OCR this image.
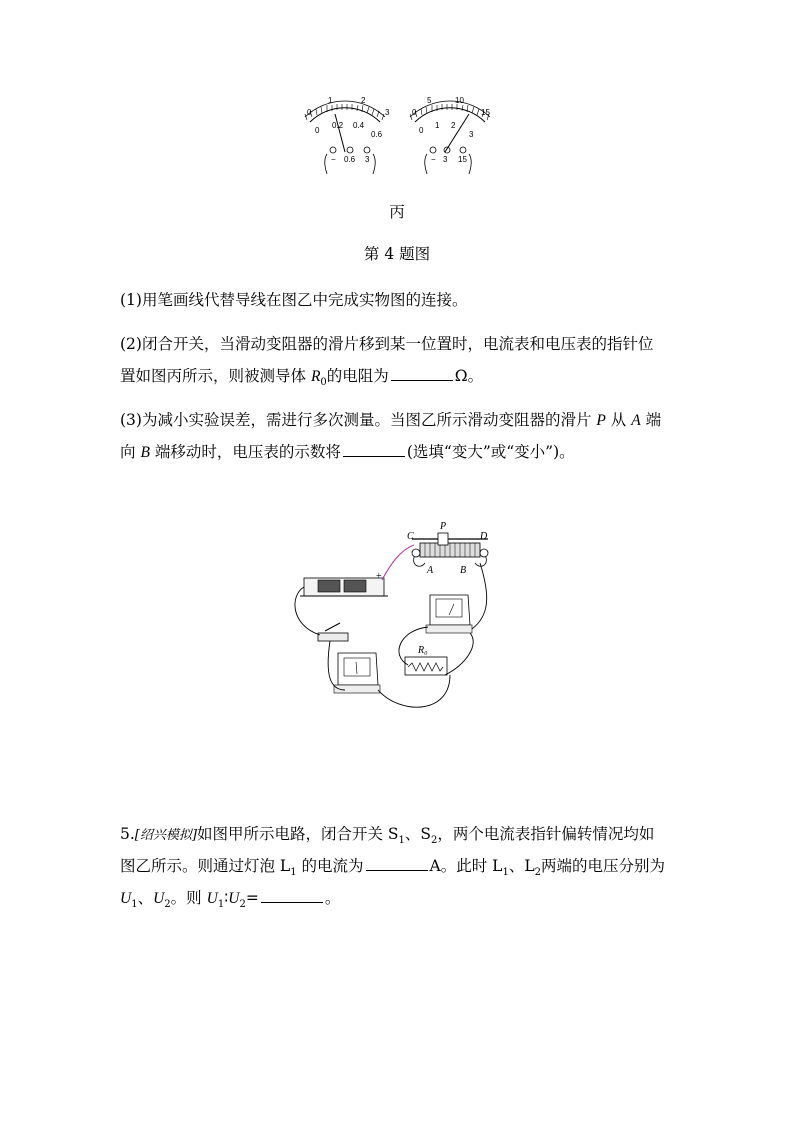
0
1	2
3
0
0.2 0.4
0.6
− 0.6 3
0
5	10
15
0
1 2
3
− 3 15
丙
第 4 题图
(1)用笔画线代替导线在图乙中完成实物图的连接。
(2)闭合开关，当滑动变阻器的滑片移到某一位置时，电流表和电压表的指针位
置如图丙所示，则被测导体 $R_0$的电阻为	Ω。
(3)为减小实验误差，需进行多次测量。当图乙所示滑动变阻器的滑片 P 从 A 端
向 B 端移动时，电压表的示数将	(选填“变大”或“变小”)。
C
P
D
A	B
R₀
+
5.[绍兴模拟]如图甲所示电路，闭合开关 $S_1$、$S_2$，两个电流表指针偏转情况均如
图乙所示。则通过灯泡 $L_1$ 的电流为	A。此时 $L_1$、$L_2$两端的电压分别为
$U_1$、$U_2$。则 $U_1∶U_2=$	。
